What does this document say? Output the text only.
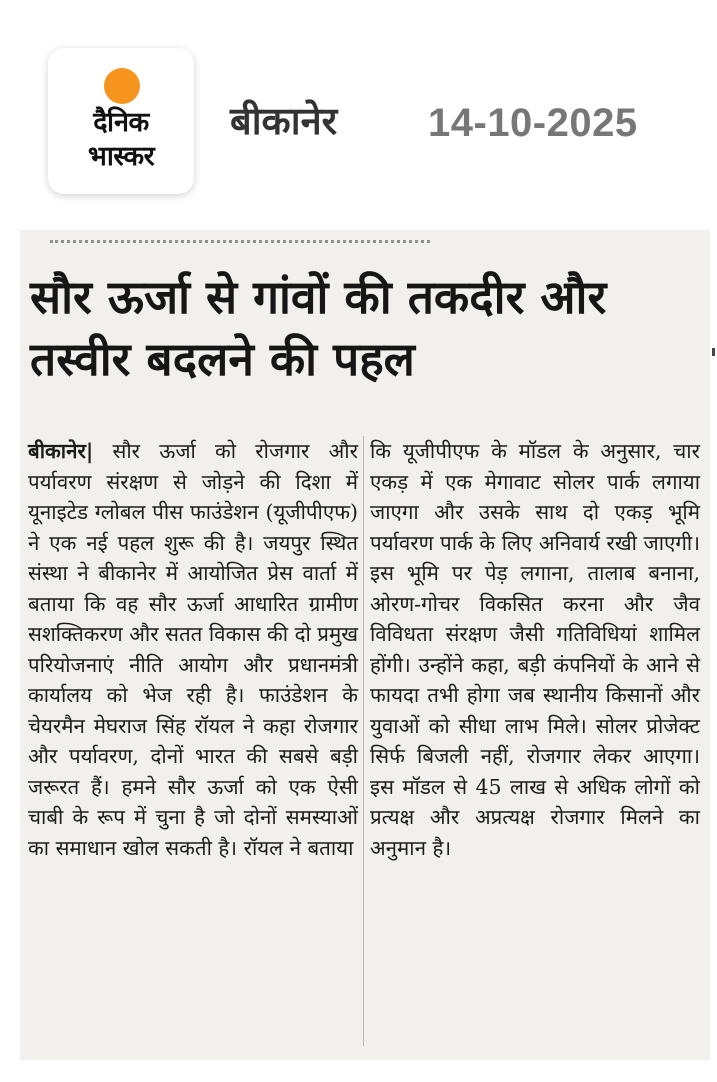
दैनिक
भास्कर
बीकानेर 14-10-2025
सौर ऊर्जा से गांवों की तकदीर और तस्वीर बदलने की पहल

बीकानेर| सौर ऊर्जा को रोजगार और पर्यावरण संरक्षण से जोड़ने की दिशा में यूनाइटेड ग्लोबल पीस फाउंडेशन (यूजीपीएफ) ने एक नई पहल शुरू की है। जयपुर स्थित संस्था ने बीकानेर में आयोजित प्रेस वार्ता में बताया कि वह सौर ऊर्जा आधारित ग्रामीण सशक्तिकरण और सतत विकास की दो प्रमुख परियोजनाएं नीति आयोग और प्रधानमंत्री कार्यालय को भेज रही है। फाउंडेशन के चेयरमैन मेघराज सिंह रॉयल ने कहा रोजगार और पर्यावरण, दोनों भारत की सबसे बड़ी जरूरत हैं। हमने सौर ऊर्जा को एक ऐसी चाबी के रूप में चुना है जो दोनों समस्याओं का समाधान खोल सकती है। रॉयल ने बताया

कि यूजीपीएफ के मॉडल के अनुसार, चार एकड़ में एक मेगावाट सोलर पार्क लगाया जाएगा और उसके साथ दो एकड़ भूमि पर्यावरण पार्क के लिए अनिवार्य रखी जाएगी। इस भूमि पर पेड़ लगाना, तालाब बनाना, ओरण-गोचर विकसित करना और जैव विविधता संरक्षण जैसी गतिविधियां शामिल होंगी। उन्होंने कहा, बड़ी कंपनियों के आने से फायदा तभी होगा जब स्थानीय किसानों और युवाओं को सीधा लाभ मिले। सोलर प्रोजेक्ट सिर्फ बिजली नहीं, रोजगार लेकर आएगा। इस मॉडल से 45 लाख से अधिक लोगों को प्रत्यक्ष और अप्रत्यक्ष रोजगार मिलने का अनुमान है।
